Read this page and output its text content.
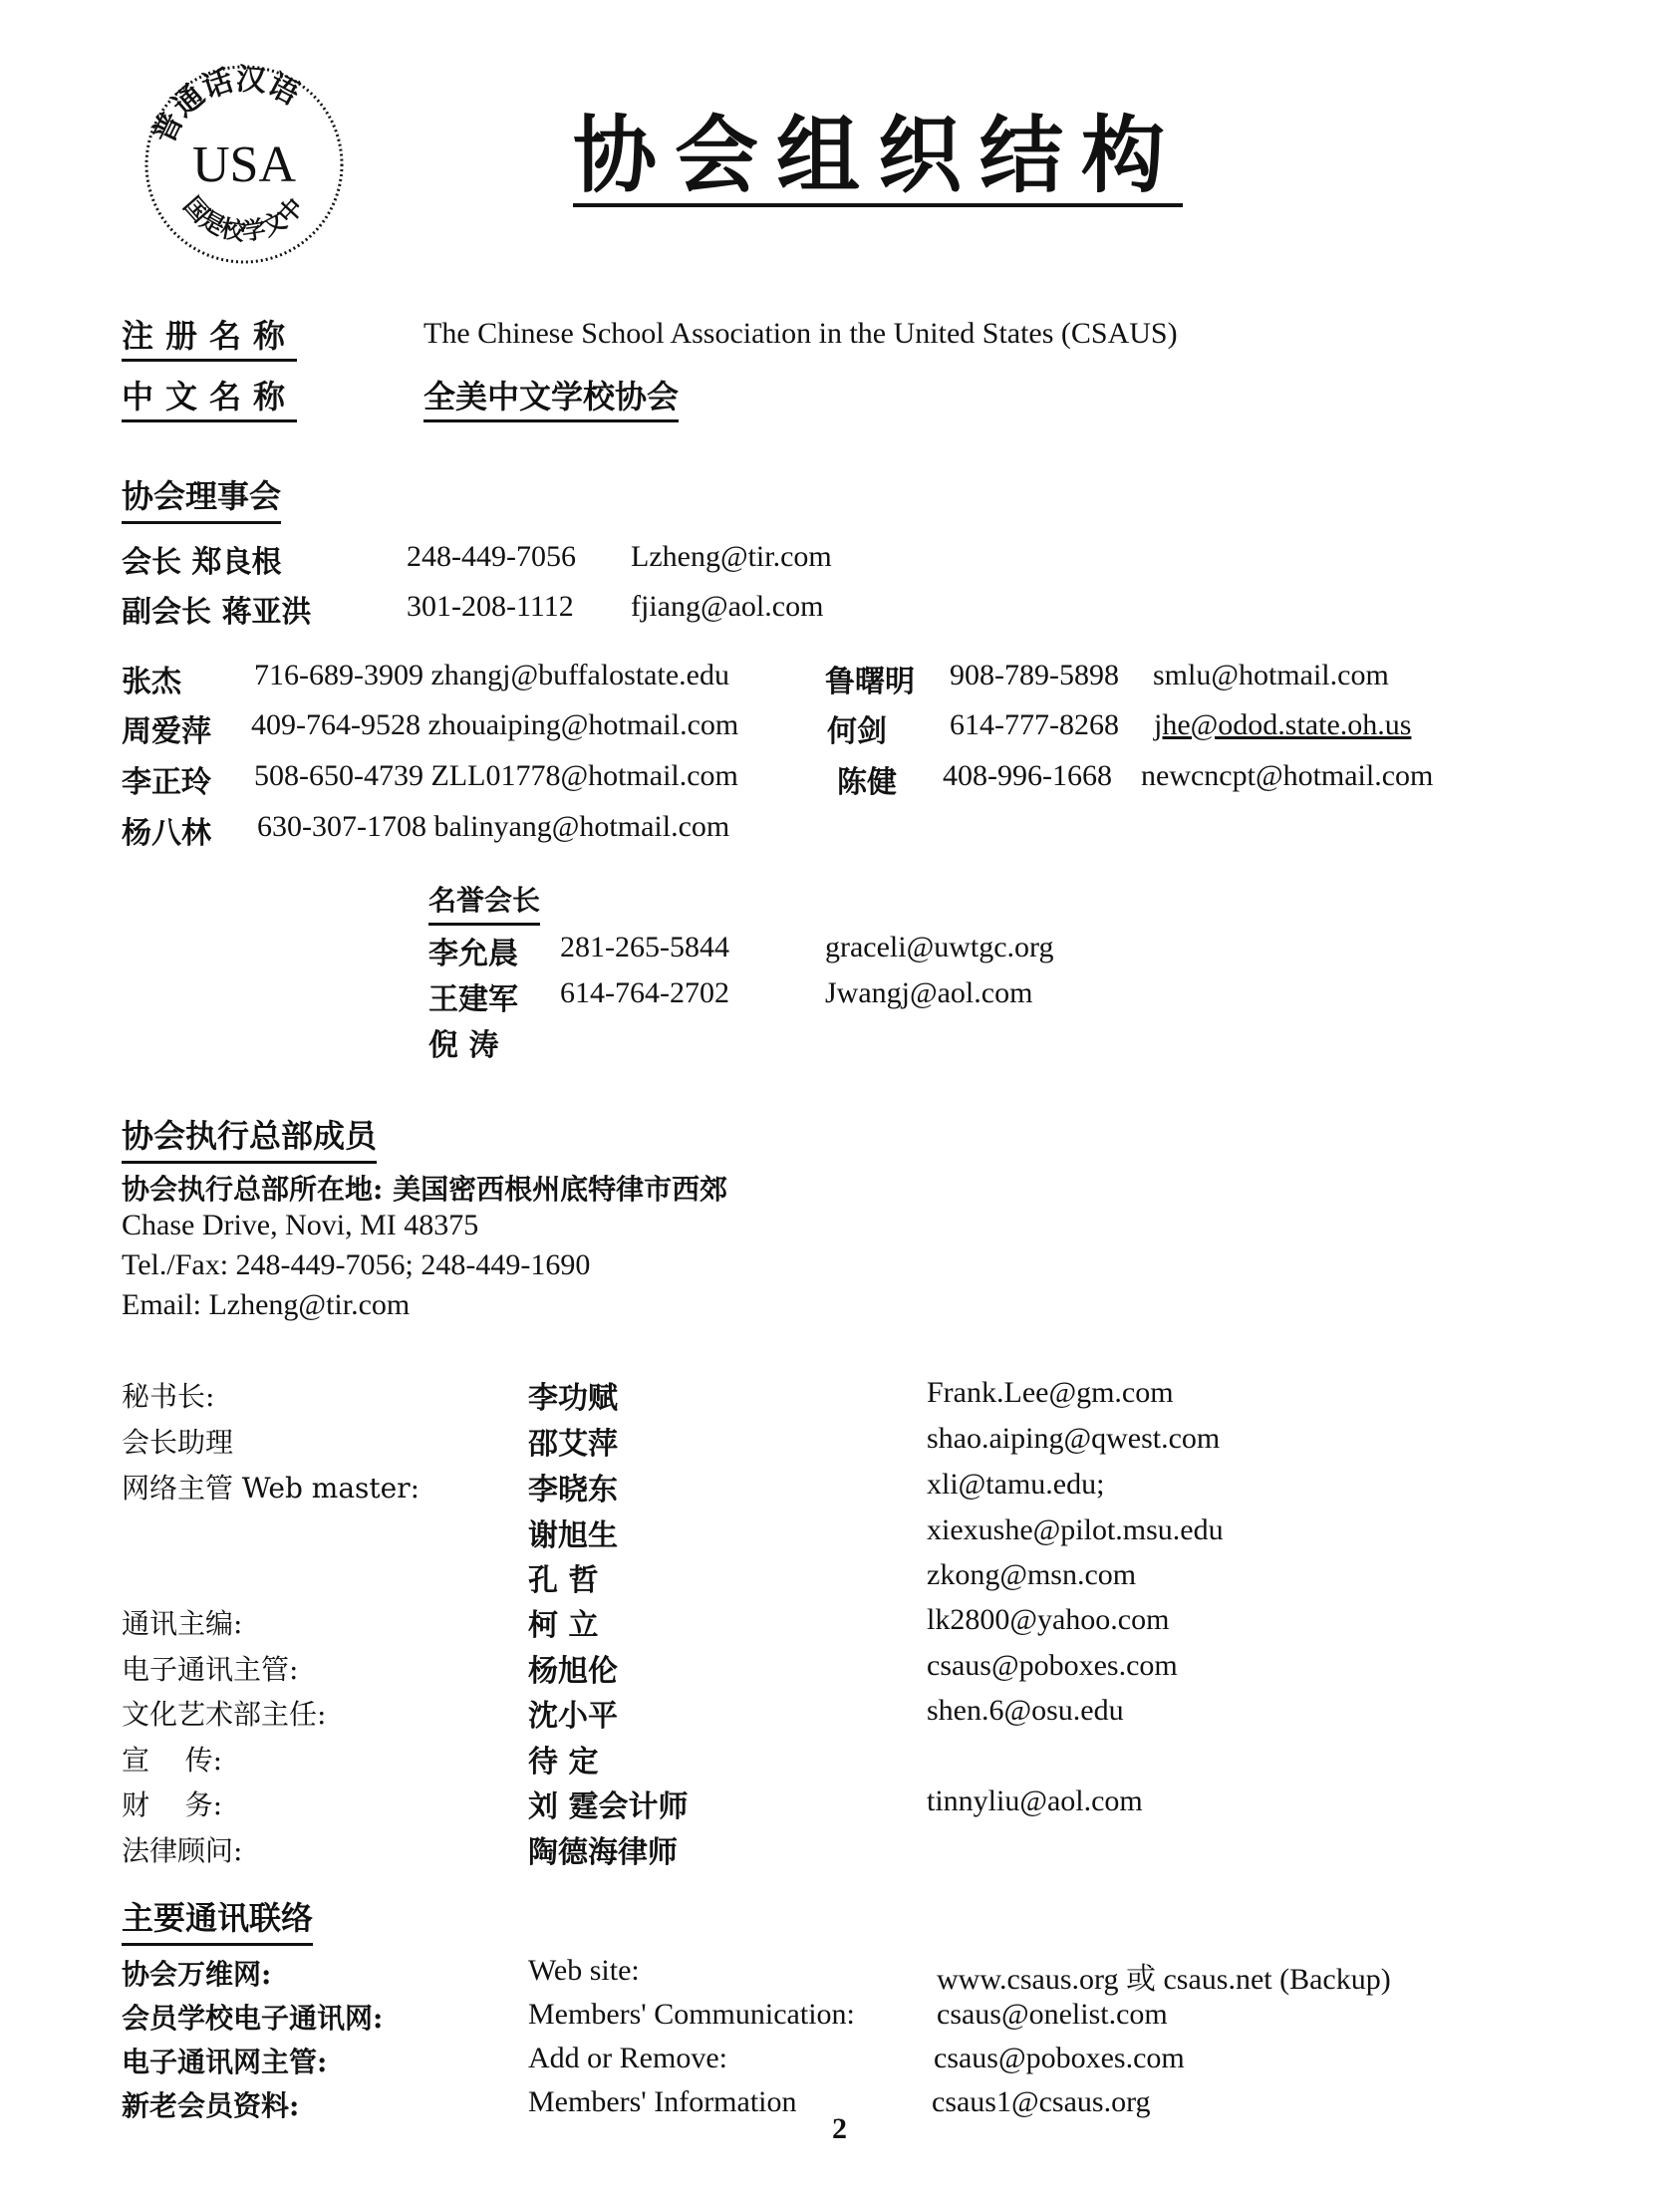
普通话汉语
USA
国是校学文中
协会组织结构
注册名称	The Chinese School Association in the United States (CSAUS)
中文名称	全美中文学校协会
协会理事会
会长 郑良根	248-449-7056 Lzheng@tir.com
副会长 蒋亚洪	301-208-1112 fjiang@aol.com
张杰 716-689-3909 zhangj@buffalostate.edu
周爱萍 409-764-9528 zhouaiping@hotmail.com
李正玲 508-650-4739 ZLL01778@hotmail.com
杨八林 630-307-1708 balinyang@hotmail.com
鲁曙明 908-789-5898 smlu@hotmail.com
何剑 614-777-8268 jhe@odod.state.oh.us
陈健 408-996-1668 newcncpt@hotmail.com
名誉会长
李允晨 281-265-5844	graceli@uwtgc.org
王建军 614-764-2702	Jwangj@aol.com
倪 涛
协会执行总部成员
协会执行总部所在地: 美国密西根州底特律市西郊
Chase Drive, Novi, MI 48375
Tel./Fax: 248-449-7056; 248-449-1690
Email: Lzheng@tir.com
秘书长:	李功赋	Frank.Lee@gm.com
会长助理	邵艾萍	shao.aiping@qwest.com
网络主管 Web master:	李晓东	xli@tamu.edu;
谢旭生	xiexushe@pilot.msu.edu
孔 哲	zkong@msn.com
通讯主编:	柯 立	lk2800@yahoo.com
电子通讯主管:	杨旭伦	csaus@poboxes.com
文化艺术部主任:	沈小平	shen.6@osu.edu
宣    传:	待 定
财    务:	刘 霆会计师	tinnyliu@aol.com
法律顾问:	陶德海律师
主要通讯联络
协会万维网:	Web site:	www.csaus.org 或 csaus.net (Backup)
会员学校电子通讯网:	Members' Communication:	csaus@onelist.com
电子通讯网主管:	Add or Remove:	csaus@poboxes.com
新老会员资料:	Members' Information	csaus1@csaus.org
2
